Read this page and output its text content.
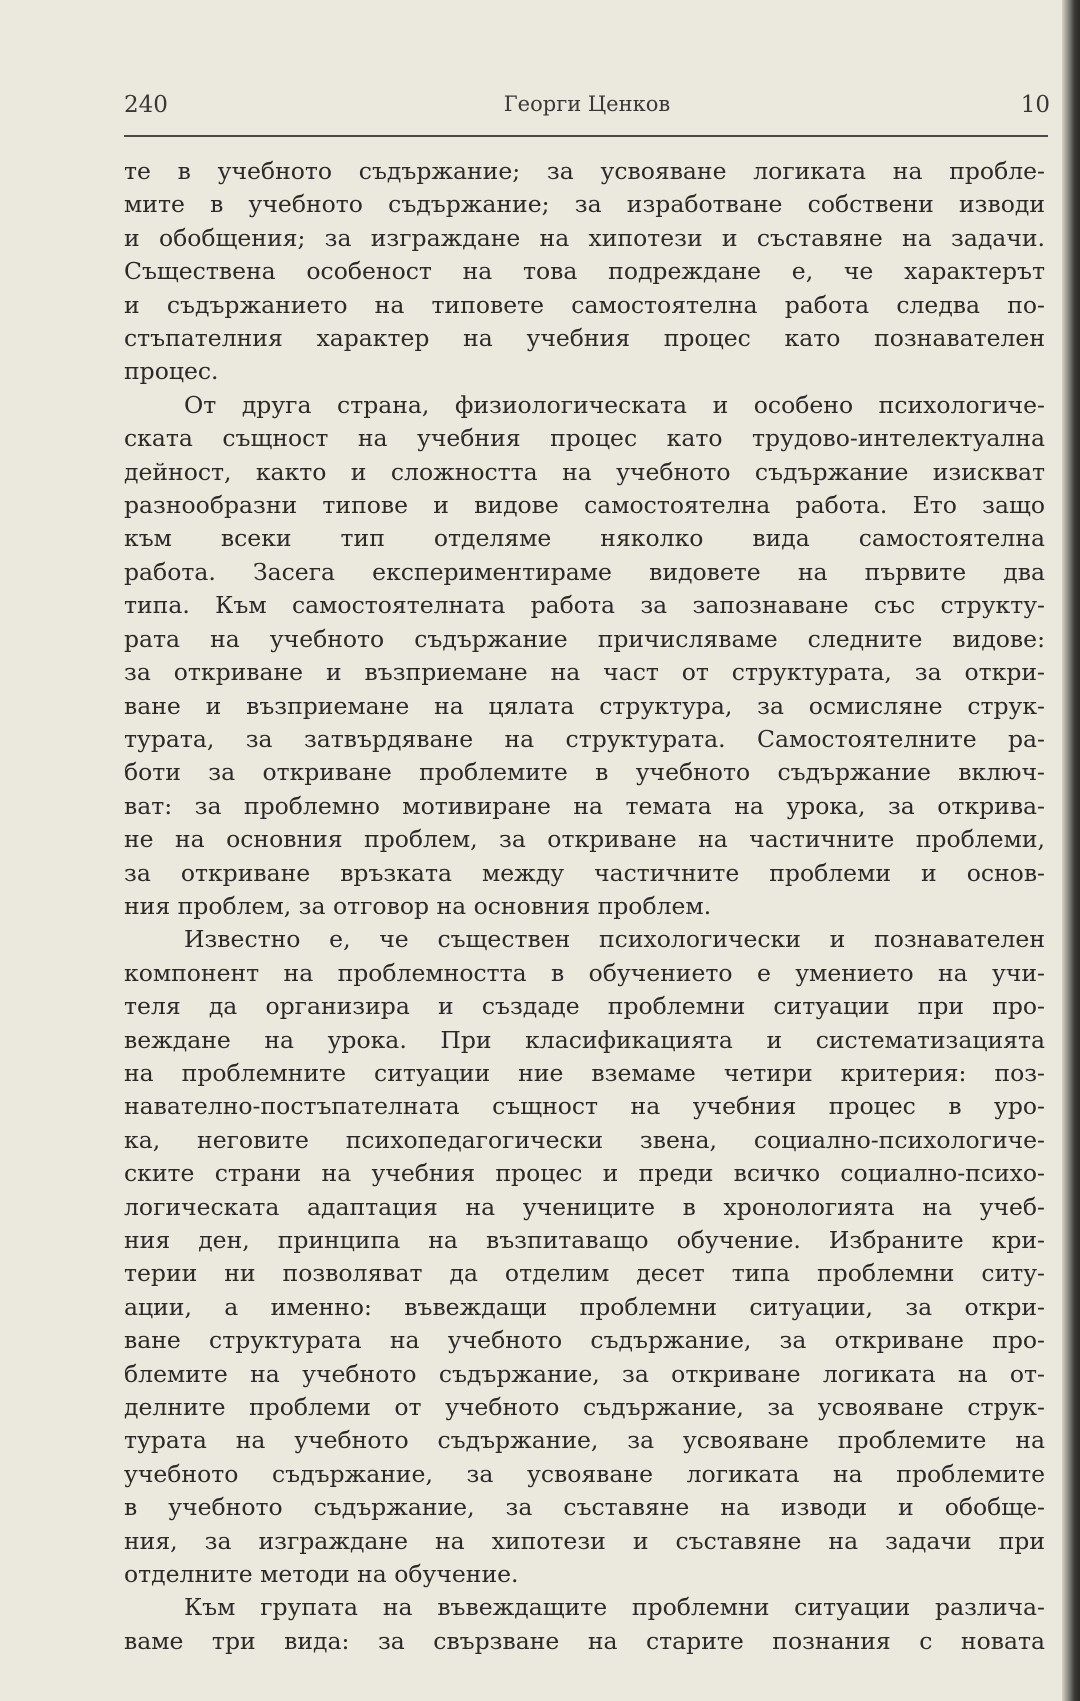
240	Георги Ценков	10
те в учебното съдържание; за усвояване логиката на пробле-
мите в учебното съдържание; за изработване собствени изводи
и обобщения; за изграждане на хипотези и съставяне на задачи.
Съществена особеност на това подреждане е, че характерът
и съдържанието на типовете самостоятелна работа следва по-
стъпателния характер на учебния процес като познавателен
процес.
От друга страна, физиологическата и особено психологиче-
ската същност на учебния процес като трудово-интелектуална
дейност, както и сложността на учебното съдържание изискват
разнообразни типове и видове самостоятелна работа. Ето защо
към всеки тип отделяме няколко вида самостоятелна
работа. Засега експериментираме видовете на първите два
типа. Към самостоятелната работа за запознаване със структу-
рата на учебното съдържание причисляваме следните видове:
за откриване и възприемане на част от структурата, за откри-
ване и възприемане на цялата структура, за осмисляне струк-
турата, за затвърдяване на структурата. Самостоятелните ра-
боти за откриване проблемите в учебното съдържание включ-
ват: за проблемно мотивиране на темата на урока, за открива-
не на основния проблем, за откриване на частичните проблеми,
за откриване връзката между частичните проблеми и основ-
ния проблем, за отговор на основния проблем.
Известно е, че съществен психологически и познавателен
компонент на проблемността в обучението е умението на учи-
теля да организира и създаде проблемни ситуации при про-
веждане на урока. При класификацията и систематизацията
на проблемните ситуации ние вземаме четири критерия: поз-
навателно-постъпателната същност на учебния процес в уро-
ка, неговите психопедагогически звена, социално-психологиче-
ските страни на учебния процес и преди всичко социално-психо-
логическата адаптация на учениците в хронологията на учеб-
ния ден, принципа на възпитаващо обучение. Избраните кри-
терии ни позволяват да отделим десет типа проблемни ситу-
ации, а именно: въвеждащи проблемни ситуации, за откри-
ване структурата на учебното съдържание, за откриване про-
блемите на учебното съдържание, за откриване логиката на от-
делните проблеми от учебното съдържание, за усвояване струк-
турата на учебното съдържание, за усвояване проблемите на
учебното съдържание, за усвояване логиката на проблемите
в учебното съдържание, за съставяне на изводи и обобще-
ния, за изграждане на хипотези и съставяне на задачи при
отделните методи на обучение.
Към групата на въвеждащите проблемни ситуации различа-
ваме три вида: за свързване на старите познания с новата
